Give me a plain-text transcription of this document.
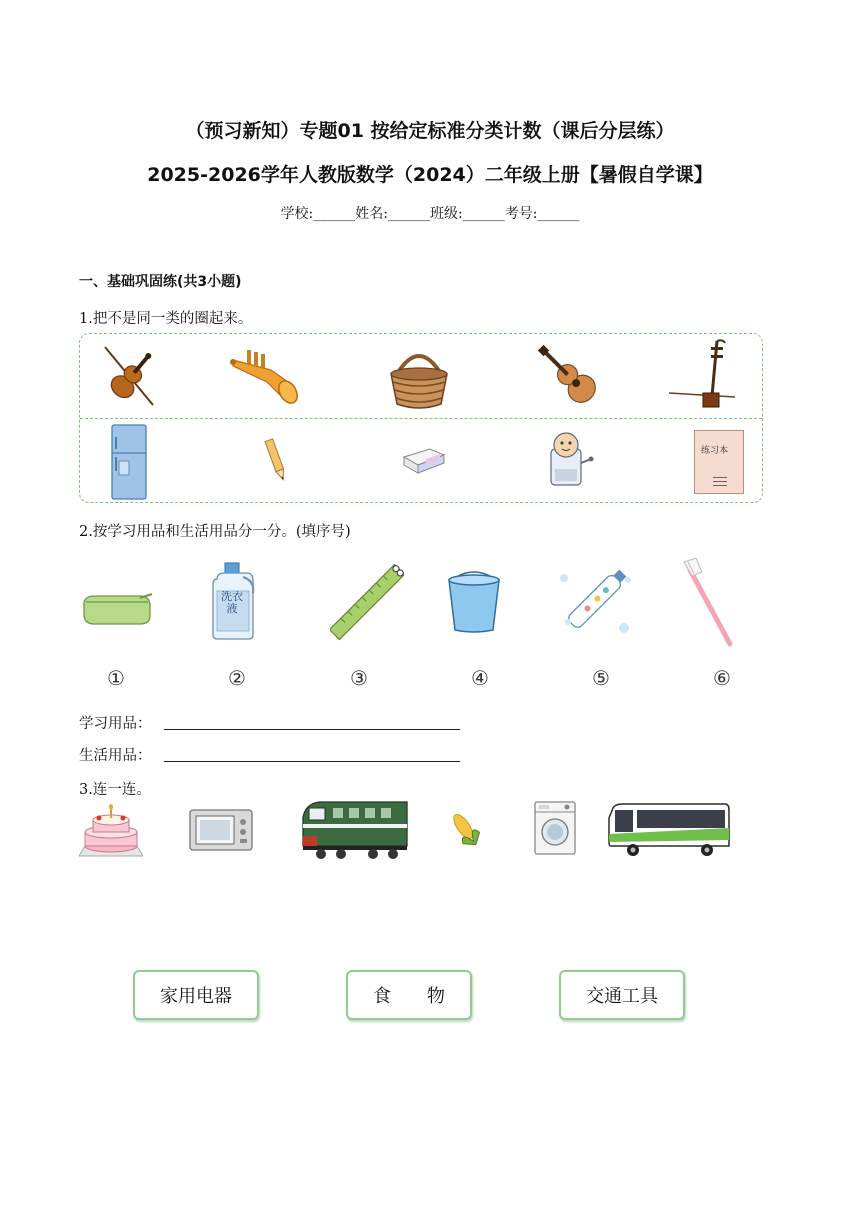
（预习新知）专题01 按给定标准分类计数（课后分层练）
2025-2026学年人教版数学（2024）二年级上册【暑假自学课】
学校:______姓名:______班级:______考号:______
一、基础巩固练(共3小题)
1.把不是同一类的圈起来。
练习本
2.按学习用品和生活用品分一分。(填序号)
洗衣液
①	②	③	④	⑤	⑥
学习用品：
生活用品：
3.连一连。
家用电器	食　　物	交通工具
